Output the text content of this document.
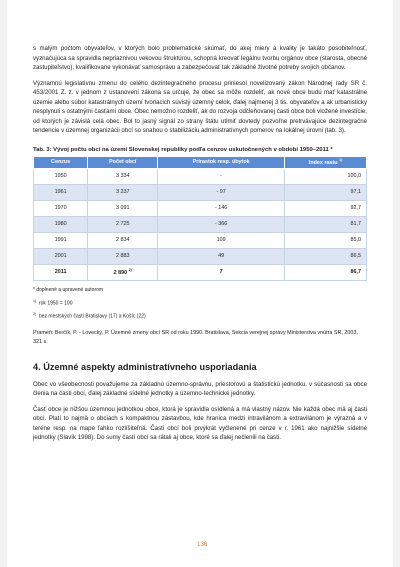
s malým počtom obyvateľov, v ktorých bolo problematické skúmať, do akej miery a kvality je takáto posobiteľnosť, vyznačujúca sa spravidla nepriaznivou vekovou štruktúrou, schopná kreovať legálnu tvorbu orgánov obce (starosta, obecné zastupiteľstvo), kvalifikovane vykonávať samosprávu a zabezpečovať tak základné životné potreby svojich občanov.

Významnú legislatívnu zmenu do celého dezintegračného procesu priniesol novelizovaný zákon Národnej rady SR č. 453/2001 Z. z. v jednom z ustanovení zákona sa určuje, že obec sa môže rozdeliť, ak nové obce budú mať katastrálne územie alebo súbor katastrálnych území tvoriacich súvislý územný celok, ďalej najmenej 3 tis. obyvateľov a ak urbanisticky nesplynuli s ostatnými časťami obce. Obec nemožno rozdeliť, ak do rozvoja odčleňovanej časti obce boli vložené investície, od ktorých je závislá celá obec. Bol to jasný signál zo strany štátu utlmiť dovtedy pozvoľne pretrvávajúce dezintegračné tendencie v územnej organizácii obcí so snahou o stabilizáciu administratívnych pomerov na lokálnej úrovni (tab. 3).

Tab. 3: Vývoj počtu obcí na území Slovenskej republiky podľa cenzov uskutočnených v období 1950–2011 *
Cenzus	Počet obcí	Prírastok resp. úbytok	Index rastu $^{1)}$
1950	3 334	-	100,0
1961	3 237	- 97	97,1
1970	3 091	- 146	92,7
1980	2 725	- 366	81,7
1991	2 834	109	85,0
2001	2 883	49	86,5
2011	2 890 $^{2)}$	7	86,7
* doplnené a upravené autorom
$^{1)}$ rok 1950 = 100
$^{2)}$ bez mestských častí Bratislavy (17) a Košíc (22)
Prameň: Berčík, P. - Lovecký, P. Územné zmeny obcí SR od roku 1990. Bratislava, Sekcia verejnej správy Ministerstva vnútra SR, 2003, 321 s.
4. Územné aspekty administratívneho usporiadania

Obec vo všeobecnosti považujeme za základnú územno-správnu, priestorovú a štatistickú jednotku. v súčasnosti sa obce členia na časti obcí, ďalej základné sídelné jednotky a územno-technické jednotky.

Časť obce je nižšou územnou jednotkou obce, ktorá je spravidla osídlená a má vlastný názov. Nie každá obec má aj časti obcí. Platí to najmä o obciach s kompaktnou zástavbou, kde hranica medzi intravilánom a extravilánom je výrazná a v teréne resp. na mape ľahko rozlíšiteľná. Časti obcí boli prvýkrát vyčlenené pri cenze v r. 1961 ako najnižšie sídelné jednotky (Slavík 1998). Do sumy častí obcí sa rátali aj obce, ktoré sa ďalej nečlenili na časti.

136
